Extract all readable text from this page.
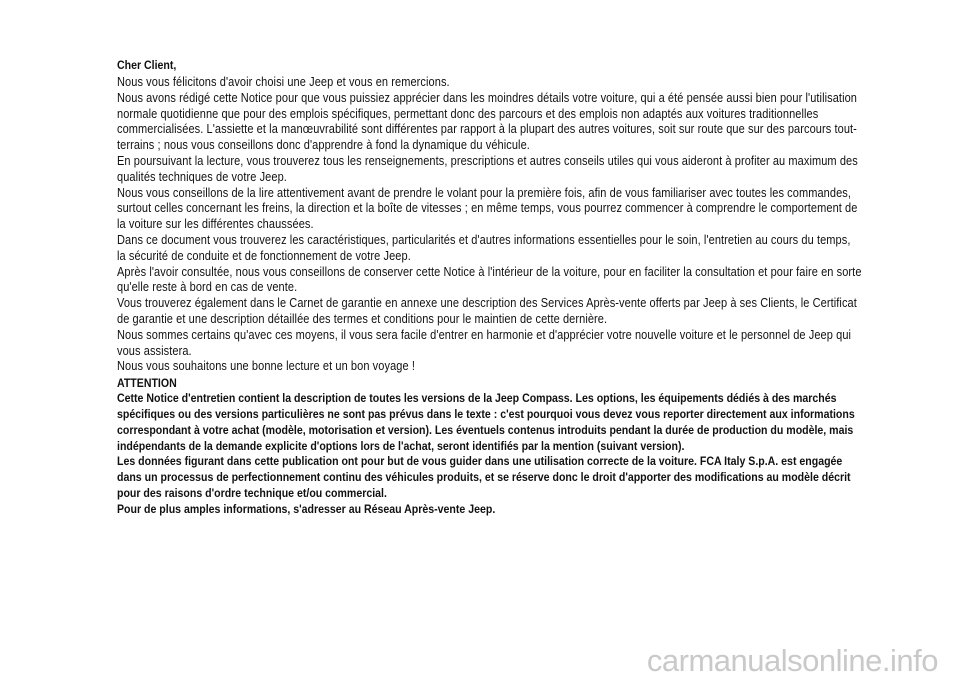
Cher Client,

Nous vous félicitons d'avoir choisi une Jeep et vous en remercions.

Nous avons rédigé cette Notice pour que vous puissiez apprécier dans les moindres détails votre voiture, qui a été pensée aussi bien pour l'utilisation normale quotidienne que pour des emplois spécifiques, permettant donc des parcours et des emplois non adaptés aux voitures traditionnelles commercialisées. L'assiette et la manœuvrabilité sont différentes par rapport à la plupart des autres voitures, soit sur route que sur des parcours tout-terrains ; nous vous conseillons donc d'apprendre à fond la dynamique du véhicule.

En poursuivant la lecture, vous trouverez tous les renseignements, prescriptions et autres conseils utiles qui vous aideront à profiter au maximum des qualités techniques de votre Jeep.

Nous vous conseillons de la lire attentivement avant de prendre le volant pour la première fois, afin de vous familiariser avec toutes les commandes, surtout celles concernant les freins, la direction et la boîte de vitesses ; en même temps, vous pourrez commencer à comprendre le comportement de la voiture sur les différentes chaussées.

Dans ce document vous trouverez les caractéristiques, particularités et d'autres informations essentielles pour le soin, l'entretien au cours du temps, la sécurité de conduite et de fonctionnement de votre Jeep.

Après l'avoir consultée, nous vous conseillons de conserver cette Notice à l'intérieur de la voiture, pour en faciliter la consultation et pour faire en sorte qu'elle reste à bord en cas de vente.

Vous trouverez également dans le Carnet de garantie en annexe une description des Services Après-vente offerts par Jeep à ses Clients, le Certificat de garantie et une description détaillée des termes et conditions pour le maintien de cette dernière.

Nous sommes certains qu'avec ces moyens, il vous sera facile d'entrer en harmonie et d'apprécier votre nouvelle voiture et le personnel de Jeep qui vous assistera.

Nous vous souhaitons une bonne lecture et un bon voyage !

ATTENTION

Cette Notice d'entretien contient la description de toutes les versions de la Jeep Compass. Les options, les équipements dédiés à des marchés spécifiques ou des versions particulières ne sont pas prévus dans le texte : c'est pourquoi vous devez vous reporter directement aux informations correspondant à votre achat (modèle, motorisation et version). Les éventuels contenus introduits pendant la durée de production du modèle, mais indépendants de la demande explicite d'options lors de l'achat, seront identifiés par la mention (suivant version).

Les données figurant dans cette publication ont pour but de vous guider dans une utilisation correcte de la voiture. FCA Italy S.p.A. est engagée dans un processus de perfectionnement continu des véhicules produits, et se réserve donc le droit d'apporter des modifications au modèle décrit pour des raisons d'ordre technique et/ou commercial.

Pour de plus amples informations, s'adresser au Réseau Après-vente Jeep.

carmanualsonline.info
